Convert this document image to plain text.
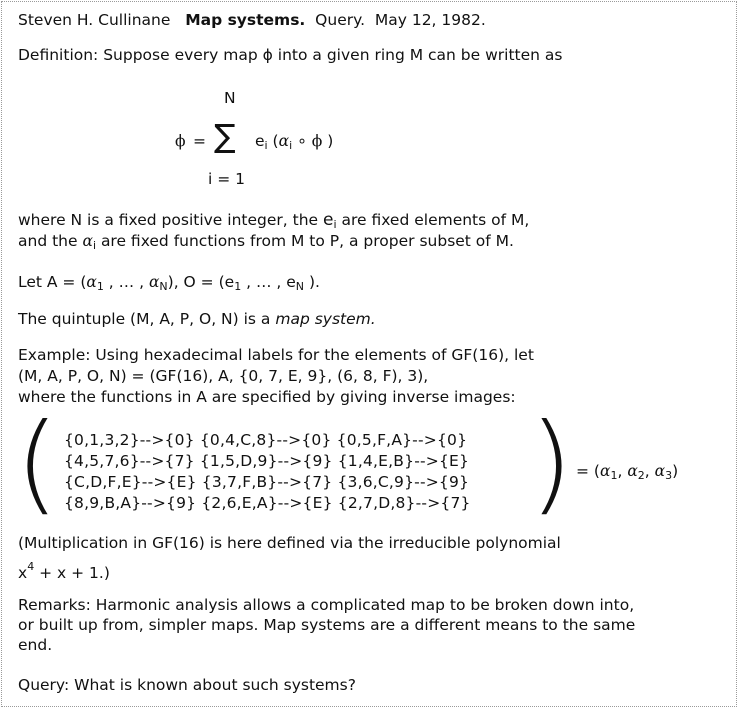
Steven H. Cullinane Map systems. Query. May 12, 1982.
Definition: Suppose every map ϕ into a given ring M can be written as
N
ϕ = ∑ $e_i$ ($\alpha_i$ ∘ ϕ )
i = 1
where N is a fixed positive integer, the $e_i$ are fixed elements of M,
and the $\alpha_i$ are fixed functions from M to P, a proper subset of M.
Let $A = (\alpha_1$ , … , $\alpha_N$), $O = (e_1$ , … , $e_N$ ).
The quintuple (M, A, P, O, N) is a map system.
Example: Using hexadecimal labels for the elements of GF(16), let
(M, A, P, O, N) = (GF(16), A, {0, 7, E, 9}, (6, 8, F), 3),
where the functions in A are specified by giving inverse images:
( {0,1,3,2}-->{0} {0,4,C,8}-->{0} {0,5,F,A}-->{0}
{4,5,7,6}-->{7} {1,5,D,9}-->{9} {1,4,E,B}-->{E}
{C,D,F,E}-->{E} {3,7,F,B}-->{7} {3,6,C,9}-->{9}
{8,9,B,A}-->{9} {2,6,E,A}-->{E} {2,7,D,8}-->{7} ) = ($\alpha_1$, $\alpha_2$, $\alpha_3$)
(Multiplication in GF(16) is here defined via the irreducible polynomial
$x^4 + x + 1$.)
Remarks: Harmonic analysis allows a complicated map to be broken down into,
or built up from, simpler maps. Map systems are a different means to the same
end.
Query: What is known about such systems?
